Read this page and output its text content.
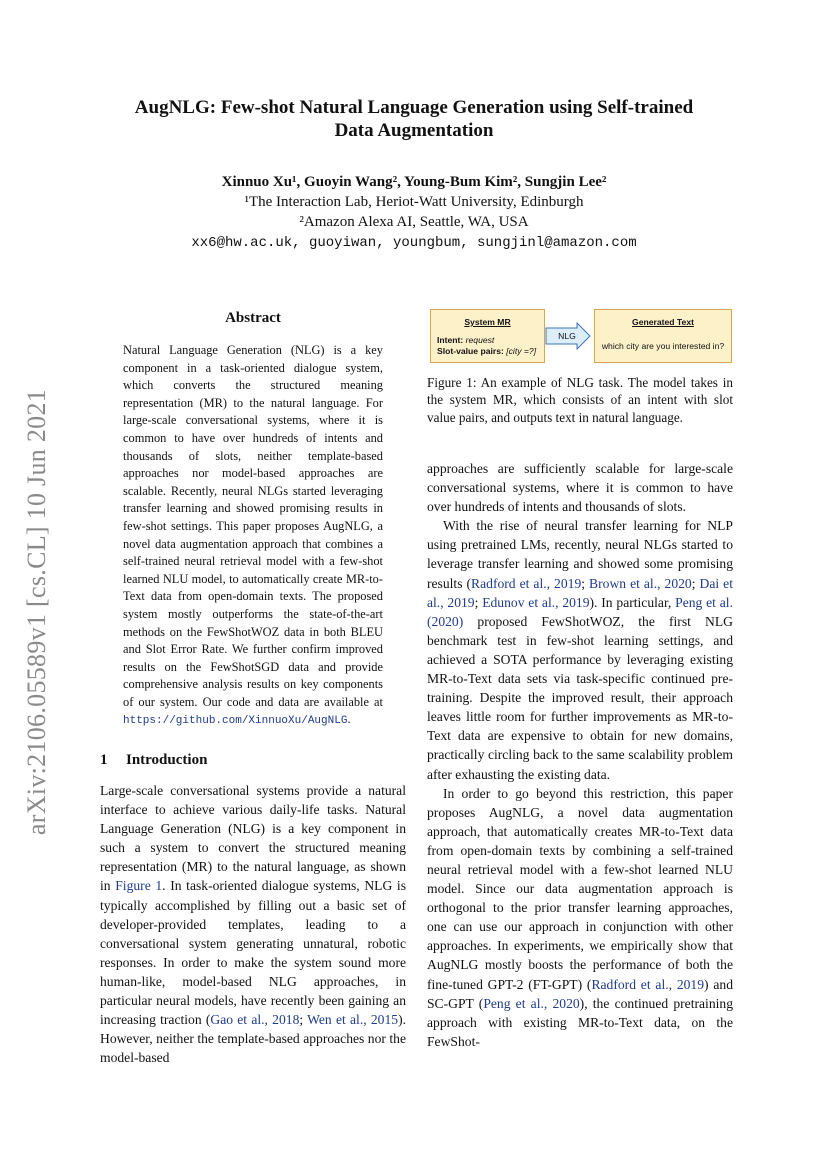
arXiv:2106.05589v1 [cs.CL] 10 Jun 2021
AugNLG: Few-shot Natural Language Generation using Self-trained
Data Augmentation
Xinnuo Xu¹, Guoyin Wang², Young-Bum Kim², Sungjin Lee²
¹The Interaction Lab, Heriot-Watt University, Edinburgh
²Amazon Alexa AI, Seattle, WA, USA
xx6@hw.ac.uk, guoyiwan, youngbum, sungjinl@amazon.com
Abstract
Natural Language Generation (NLG) is a key component in a task-oriented dialogue system, which converts the structured meaning representation (MR) to the natural language. For large-scale conversational systems, where it is common to have over hundreds of intents and thousands of slots, neither template-based approaches nor model-based approaches are scalable. Recently, neural NLGs started leveraging transfer learning and showed promising results in few-shot settings. This paper proposes AugNLG, a novel data augmentation approach that combines a self-trained neural retrieval model with a few-shot learned NLU model, to automatically create MR-to-Text data from open-domain texts. The proposed system mostly outperforms the state-of-the-art methods on the FewShotWOZ data in both BLEU and Slot Error Rate. We further confirm improved results on the FewShotSGD data and provide comprehensive analysis results on key components of our system. Our code and data are available at https://github.com/XinnuoXu/AugNLG.
System MR
Intent: request
Slot-value pairs: [city =?]
NLG
Generated Text
which city are you interested in?
Figure 1: An example of NLG task. The model takes in the system MR, which consists of an intent with slot value pairs, and outputs text in natural language.

approaches are sufficiently scalable for large-scale conversational systems, where it is common to have over hundreds of intents and thousands of slots.

With the rise of neural transfer learning for NLP using pretrained LMs, recently, neural NLGs started to leverage transfer learning and showed some promising results (Radford et al., 2019; Brown et al., 2020; Dai et al., 2019; Edunov et al., 2019). In particular, Peng et al. (2020) proposed FewShotWOZ, the first NLG benchmark test in few-shot learning settings, and achieved a SOTA performance by leveraging existing MR-to-Text data sets via task-specific continued pre-training. Despite the improved result, their approach leaves little room for further improvements as MR-to-Text data are expensive to obtain for new domains, practically circling back to the same scalability problem after exhausting the existing data.

In order to go beyond this restriction, this paper proposes AugNLG, a novel data augmentation approach, that automatically creates MR-to-Text data from open-domain texts by combining a self-trained neural retrieval model with a few-shot learned NLU model. Since our data augmentation approach is orthogonal to the prior transfer learning approaches, one can use our approach in conjunction with other approaches. In experiments, we empirically show that AugNLG mostly boosts the performance of both the fine-tuned GPT-2 (FT-GPT) (Radford et al., 2019) and SC-GPT (Peng et al., 2020), the continued pretraining approach with existing MR-to-Text data, on the FewShot-

1 Introduction

Large-scale conversational systems provide a natural interface to achieve various daily-life tasks. Natural Language Generation (NLG) is a key component in such a system to convert the structured meaning representation (MR) to the natural language, as shown in Figure 1. In task-oriented dialogue systems, NLG is typically accomplished by filling out a basic set of developer-provided templates, leading to a conversational system generating unnatural, robotic responses. In order to make the system sound more human-like, model-based NLG approaches, in particular neural models, have recently been gaining an increasing traction (Gao et al., 2018; Wen et al., 2015). However, neither the template-based approaches nor the model-based
